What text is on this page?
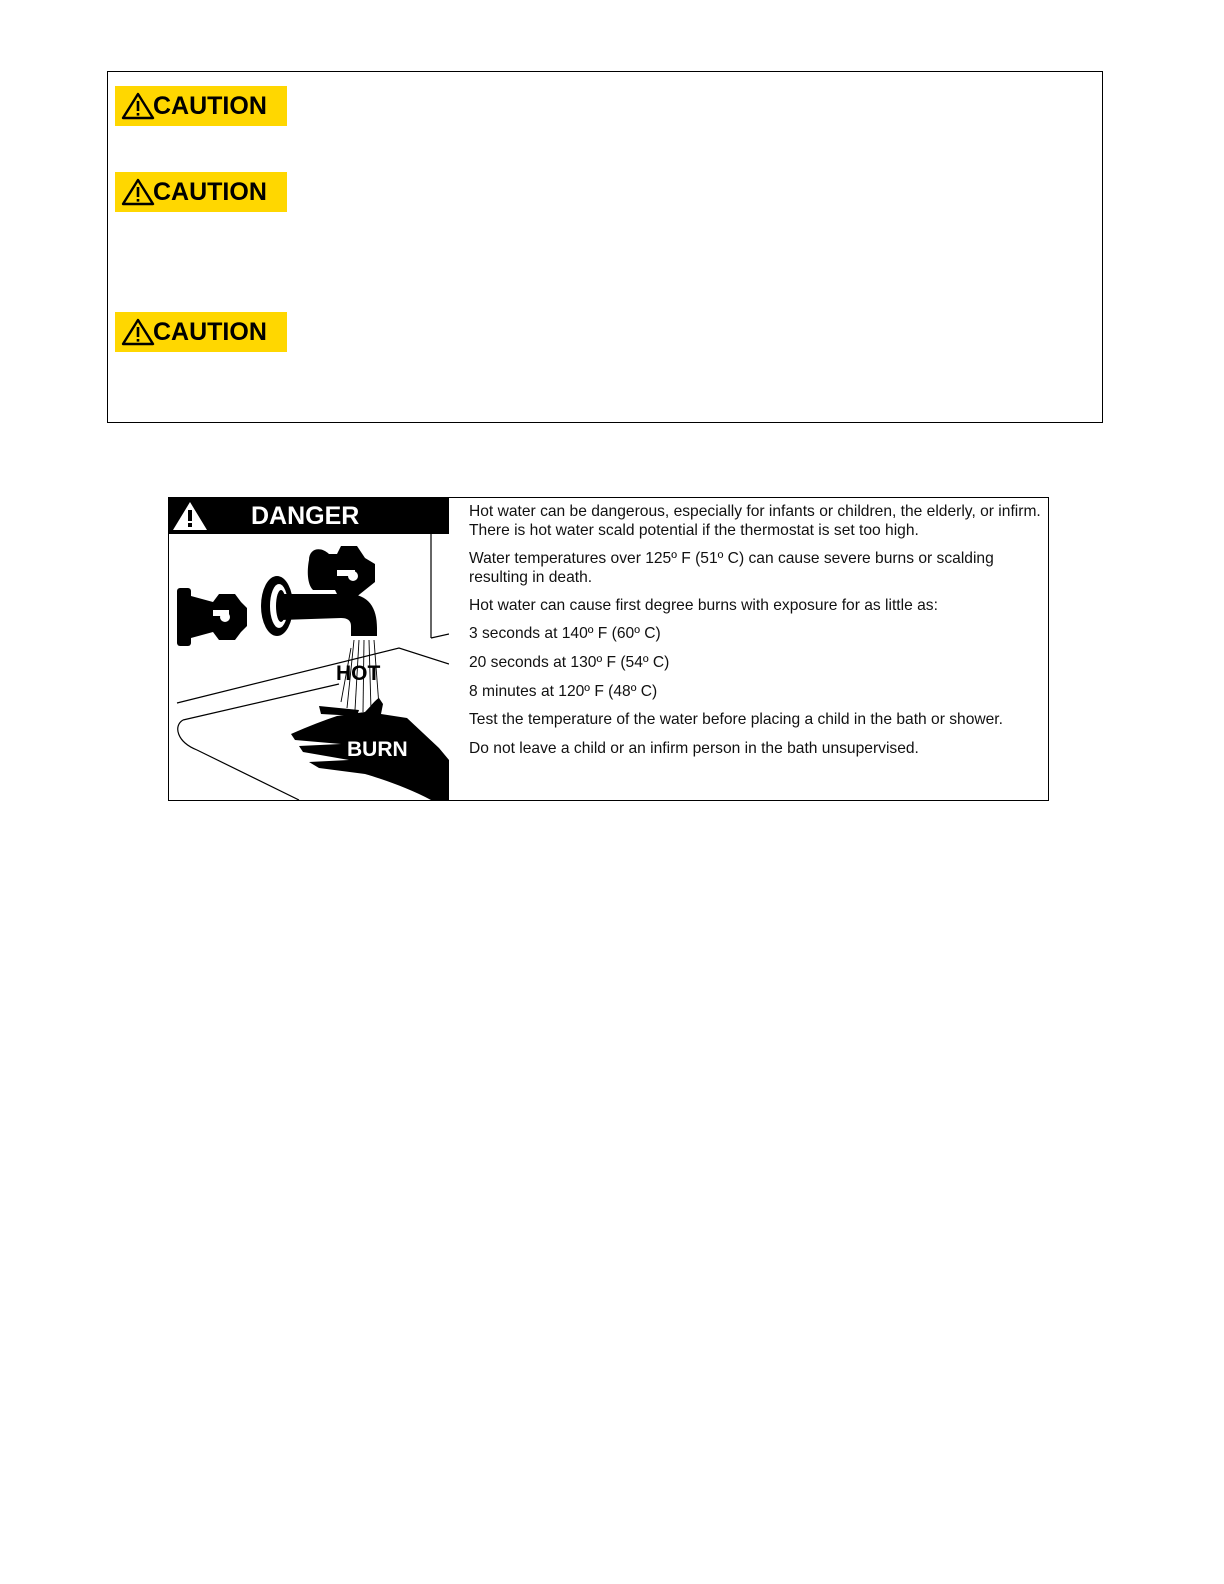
CAUTION
CAUTION
CAUTION
DANGER
HOT
BURN

Hot water can be dangerous, especially for infants or children, the elderly, or infirm. There is hot water scald potential if the thermostat is set too high.

Water temperatures over 125º F (51º C) can cause severe burns or scalding resulting in death.

Hot water can cause first degree burns with exposure for as little as:

3 seconds at 140º F (60º C)

20 seconds at 130º F (54º C)

8 minutes at 120º F (48º C)

Test the temperature of the water before placing a child in the bath or shower.

Do not leave a child or an infirm person in the bath unsupervised.
